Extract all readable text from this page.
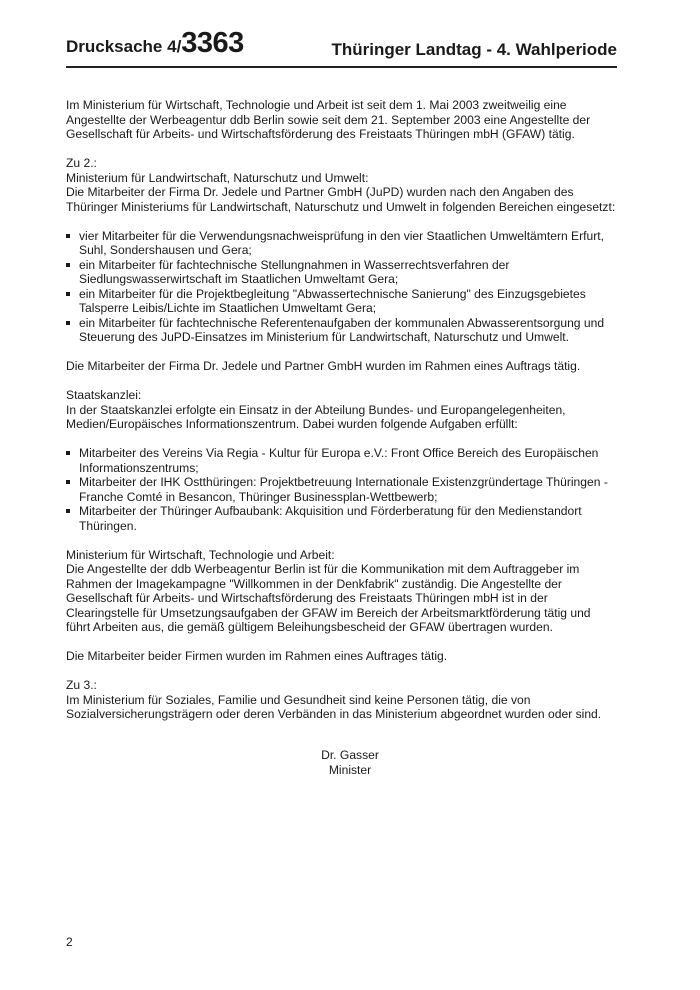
Drucksache 4/3363	Thüringer Landtag - 4. Wahlperiode

Im Ministerium für Wirtschaft, Technologie und Arbeit ist seit dem 1. Mai 2003 zweitweilig eine Angestellte der Werbeagentur ddb Berlin sowie seit dem 21. September 2003 eine Angestellte der Gesellschaft für Arbeits- und Wirtschaftsförderung des Freistaats Thüringen mbH (GFAW) tätig.

Zu 2.:

Ministerium für Landwirtschaft, Naturschutz und Umwelt:

Die Mitarbeiter der Firma Dr. Jedele und Partner GmbH (JuPD) wurden nach den Angaben des Thüringer Ministeriums für Landwirtschaft, Naturschutz und Umwelt in folgenden Bereichen eingesetzt:

vier Mitarbeiter für die Verwendungsnachweisprüfung in den vier Staatlichen Umweltämtern Erfurt, Suhl, Sondershausen und Gera;
ein Mitarbeiter für fachtechnische Stellungnahmen in Wasserrechtsverfahren der Siedlungswasserwirtschaft im Staatlichen Umweltamt Gera;
ein Mitarbeiter für die Projektbegleitung "Abwassertechnische Sanierung" des Einzugsgebietes Talsperre Leibis/Lichte im Staatlichen Umweltamt Gera;
ein Mitarbeiter für fachtechnische Referentenaufgaben der kommunalen Abwasserentsorgung und Steuerung des JuPD-Einsatzes im Ministerium für Landwirtschaft, Naturschutz und Umwelt.

Die Mitarbeiter der Firma Dr. Jedele und Partner GmbH wurden im Rahmen eines Auftrags tätig.

Staatskanzlei:

In der Staatskanzlei erfolgte ein Einsatz in der Abteilung Bundes- und Europangelegenheiten, Medien/Europäisches Informationszentrum. Dabei wurden folgende Aufgaben erfüllt:

Mitarbeiter des Vereins Via Regia - Kultur für Europa e.V.: Front Office Bereich des Europäischen Informationszentrums;
Mitarbeiter der IHK Ostthüringen: Projektbetreuung Internationale Existenzgründertage Thüringen - Franche Comté in Besancon, Thüringer Businessplan-Wettbewerb;
Mitarbeiter der Thüringer Aufbaubank: Akquisition und Förderberatung für den Medienstandort Thüringen.

Ministerium für Wirtschaft, Technologie und Arbeit:

Die Angestellte der ddb Werbeagentur Berlin ist für die Kommunikation mit dem Auftraggeber im Rahmen der Imagekampagne "Willkommen in der Denkfabrik" zuständig. Die Angestellte der Gesellschaft für Arbeits- und Wirtschaftsförderung des Freistaats Thüringen mbH ist in der Clearingstelle für Umsetzungsaufgaben der GFAW im Bereich der Arbeitsmarktförderung tätig und führt Arbeiten aus, die gemäß gültigem Beleihungsbescheid der GFAW übertragen wurden.

Die Mitarbeiter beider Firmen wurden im Rahmen eines Auftrages tätig.

Zu 3.:

Im Ministerium für Soziales, Familie und Gesundheit sind keine Personen tätig, die von Sozialversicherungsträgern oder deren Verbänden in das Ministerium abgeordnet wurden oder sind.

Dr. Gasser
Minister
2
